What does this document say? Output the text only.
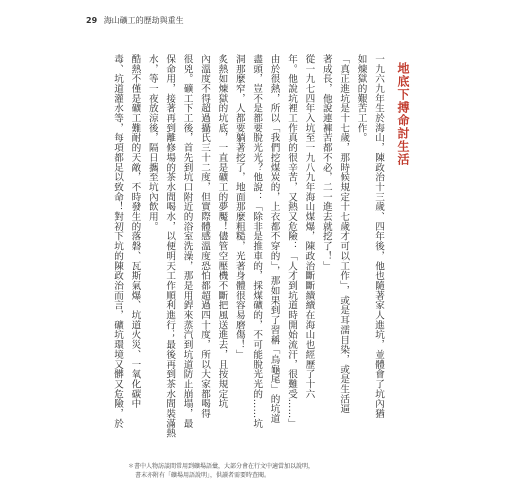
29 海山礦工的歷劫與重生
地底下搏命討生活
一九六九年生於海山，陳政治十三歲、四年後，他也隨著家人進坑，並體會了坑內猶
如煉獄的艱苦工作。
「真正進坑是十七歲，那時候規定十七歲才可以工作」，或是耳濡目染，或是生活逼
著成長，他說連褲苦都不必，二一進去就挖了！」
從一九七四年入坑至一九八九年海山煤爆，陳政治斷斷續續在海山也經歷了十六
年。他說坑裡工作真的很辛苦，又熱又危險：「人才到坑道時開始流汗，很難受……」
由於很熱，所以「我們挖煤炭的，上衣都不穿的」，那如果到了習稱「烏龜尾」的坑道
盡頭，豈不是都要脫光光？他說：「除非是推車的，採煤礦的，不可能脫光光的……坑
洞那麼窄，人都要躺著挖了，地面那麼粗糙，光著身體很容易磨傷！」
炙熱如煉獄的坑底，一直是礦工的夢魘！儘管空壓機不斷把風送進去，且按規定坑
內溫度不得超過攝氏三十二度，但實際體感溫度恐怕都超過四十度，所以大家都喝得
很兇。礦工下工後，首先到坑口附近的浴室洗澡，那是用銲來蒸汽到坑道防止崩塌，最
保命用，接著再到離修場的茶水間喝水，以便明天工作順利進行；最後再到茶水間裝滿熱
水，等一夜放涼後，隔日攜至坑內飲用。
酷熱不僅是礦工難耐的天敵，不時發生的落磐、瓦斯氣爆、坑道火災、一氧化碳中
毒、坑道灌水等，每項都足以致命！對初下坑的陳政治而言，礦坑環境又髒又危險，於
＊書中人物訪談間常用到礦場語彙，大部分會在行文中適當加以說明，
書末亦附有「礦場用語說明」，供讀者需要時查閱。
